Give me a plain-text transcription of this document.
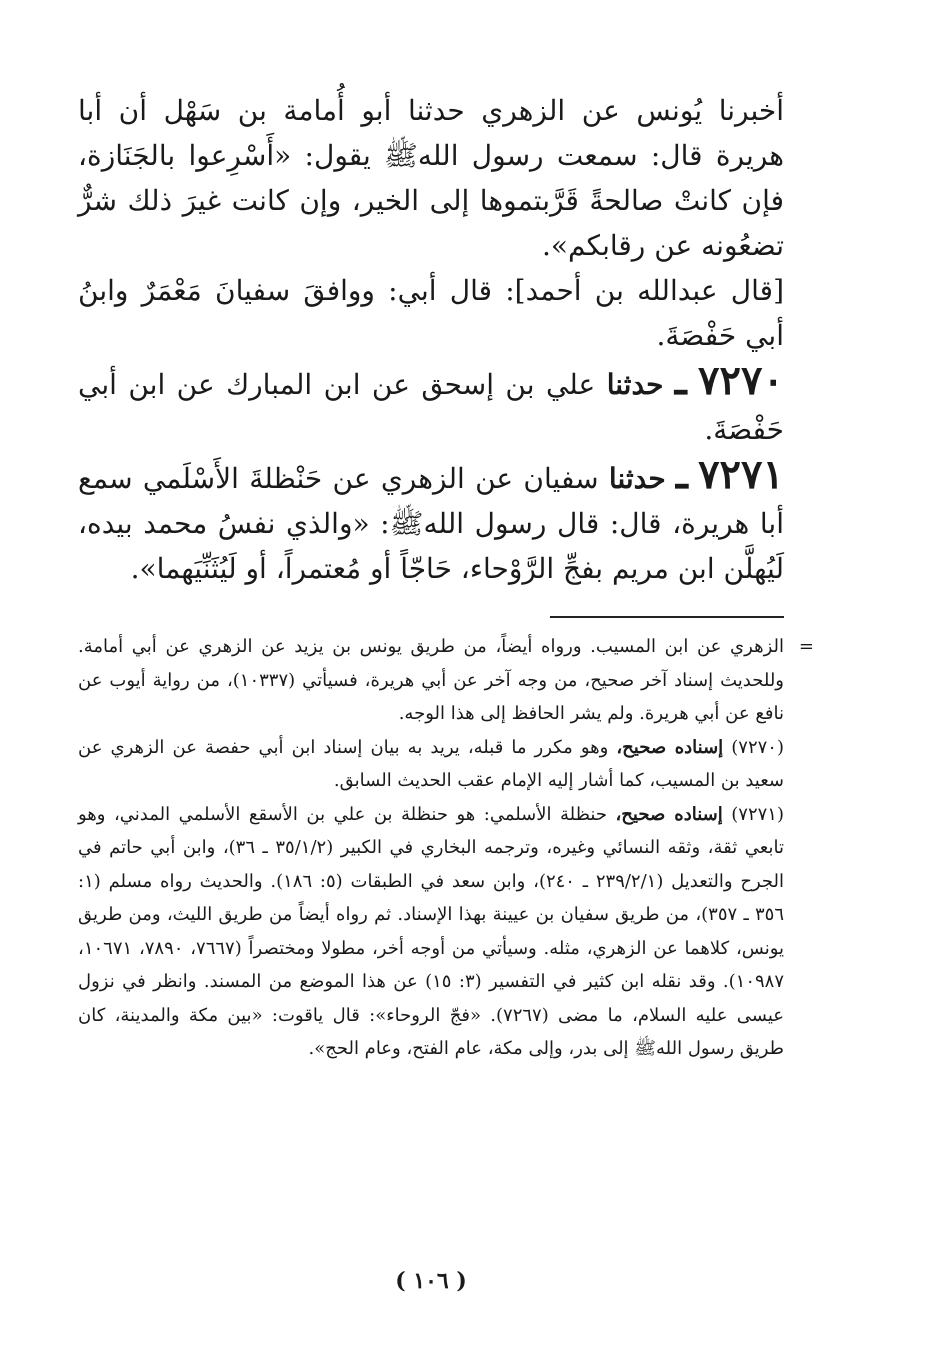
أخبرنا يُونس عن الزهري حدثنا أبو أُمامة بن سَهْل أن أبا هريرة قال: سمعت رسول اللهﷺ يقول: «أَسْرِعوا بالجَنَازة، فإن كانتْ صالحةً قَرَّبتموها إلى الخير، وإن كانت غيرَ ذلك شرٌّ تضعُونه عن رقابكم».

[قال عبدالله بن أحمد]: قال أبي: ووافقَ سفيانَ مَعْمَرٌ وابنُ أبي حَفْصَةَ.

٧٢٧٠ ـ حدثنا علي بن إسحق عن ابن المبارك عن ابن أبي حَفْصَةَ.

٧٢٧١ ـ حدثنا سفيان عن الزهري عن حَنْظلةَ الأَسْلَمي سمع أبا هريرة، قال: قال رسول اللهﷺ: «والذي نفسُ محمد بيده، لَيُهلَّن ابن مريم بفجِّ الرَّوْحاء، حَاجّاً أو مُعتمراً، أو لَيُثَنِّيَهما».

=
الزهري عن ابن المسيب. ورواه أيضاً، من طريق يونس بن يزيد عن الزهري عن أبي أمامة. وللحديث إسناد آخر صحيح، من وجه آخر عن أبي هريرة، فسيأتي (١٠٣٣٧)، من رواية أيوب عن نافع عن أبي هريرة. ولم يشر الحافظ إلى هذا الوجه.

(٧٢٧٠) إسناده صحيح، وهو مكرر ما قبله، يريد به بيان إسناد ابن أبي حفصة عن الزهري عن سعيد بن المسيب، كما أشار إليه الإمام عقب الحديث السابق.

(٧٢٧١) إسناده صحيح، حنظلة الأسلمي: هو حنظلة بن علي بن الأسقع الأسلمي المدني، وهو تابعي ثقة، وثقه النسائي وغيره، وترجمه البخاري في الكبير (٣٥/١/٢ ـ ٣٦)، وابن أبي حاتم في الجرح والتعديل (٢٣٩/٢/١ ـ ٢٤٠)، وابن سعد في الطبقات (٥: ١٨٦). والحديث رواه مسلم (١: ٣٥٦ ـ ٣٥٧)، من طريق سفيان بن عيينة بهذا الإسناد. ثم رواه أيضاً من طريق الليث، ومن طريق يونس، كلاهما عن الزهري، مثله. وسيأتي من أوجه أخر، مطولا ومختصراً (٧٦٦٧، ٧٨٩٠، ١٠٦٧١، ١٠٩٨٧). وقد نقله ابن كثير في التفسير (٣: ١٥) عن هذا الموضع من المسند. وانظر في نزول عيسى عليه السلام، ما مضى (٧٢٦٧). «فجّ الروحاء»: قال ياقوت: «بين مكة والمدينة، كان طريق رسول اللهﷺ إلى بدر، وإلى مكة، عام الفتح، وعام الحج».

( ١٠٦ )
